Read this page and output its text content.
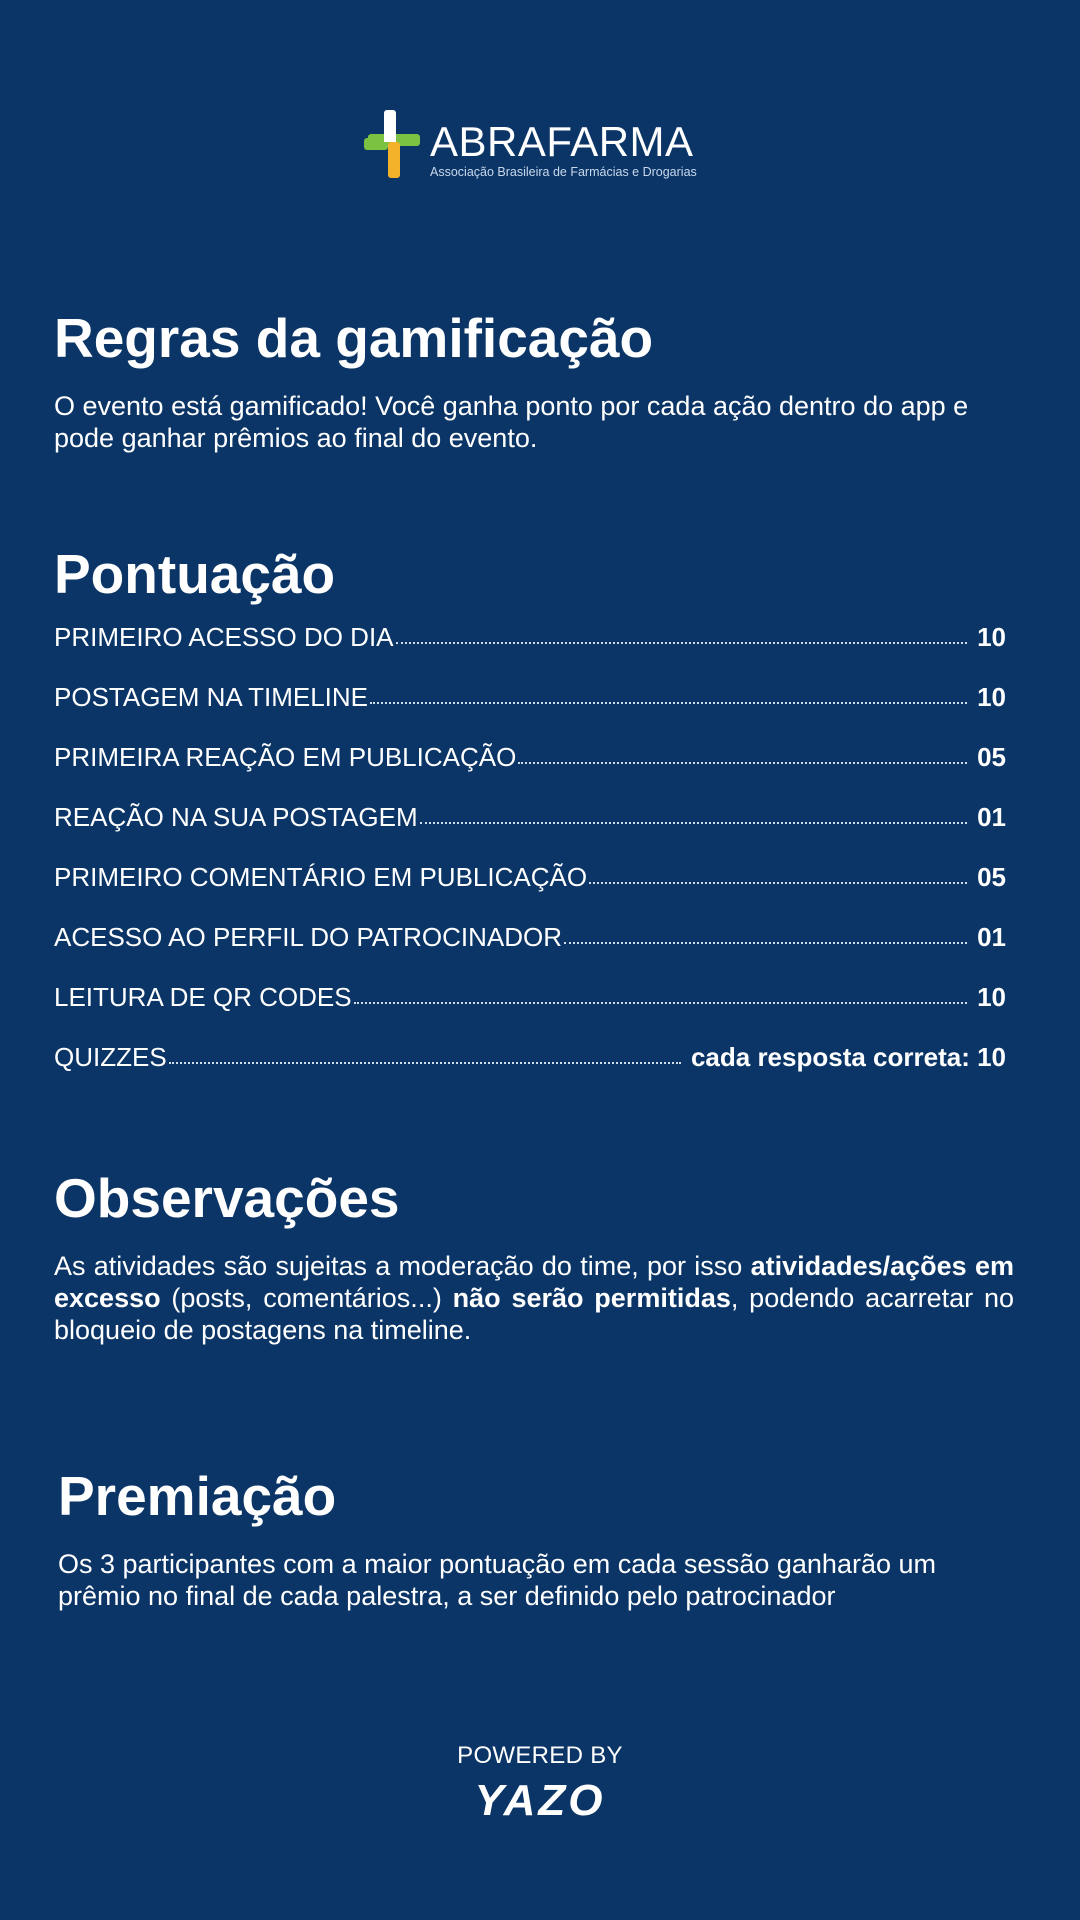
ABRAFARMA
Associação Brasileira de Farmácias e Drogarias
Regras da gamificação

O evento está gamificado! Você ganha ponto por cada ação dentro do app e pode ganhar prêmios ao final do evento.

Pontuação
PRIMEIRO ACESSO DO DIA	10
POSTAGEM NA TIMELINE	10
PRIMEIRA REAÇÃO EM PUBLICAÇÃO	05
REAÇÃO NA SUA POSTAGEM	01
PRIMEIRO COMENTÁRIO EM PUBLICAÇÃO	05
ACESSO AO PERFIL DO PATROCINADOR	01
LEITURA DE QR CODES	10
QUIZZES	cada resposta correta: 10
Observações

As atividades são sujeitas a moderação do time, por isso atividades/ações em excesso (posts, comentários...) não serão permitidas, podendo acarretar no bloqueio de postagens na timeline.

Premiação

Os 3 participantes com a maior pontuação em cada sessão ganharão um prêmio no final de cada palestra, a ser definido pelo patrocinador

POWERED BY
YAZO
